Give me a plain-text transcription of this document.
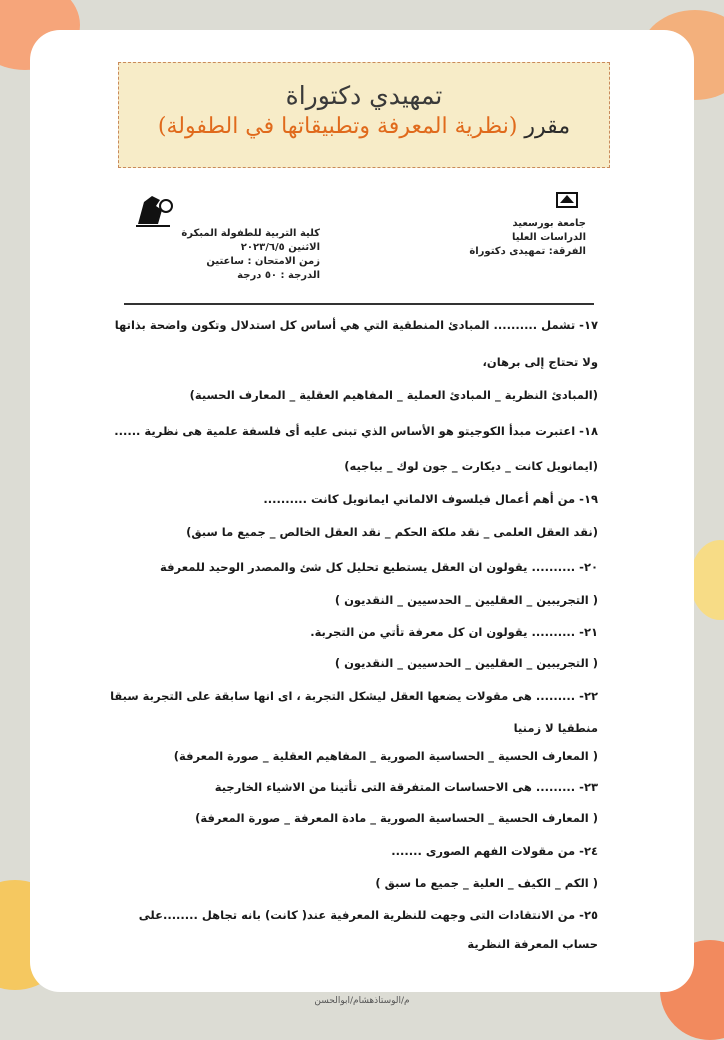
تمهيدي دكتوراة
مقرر (نظرية المعرفة وتطبيقاتها في الطفولة)
كلية التربية للطفولة المبكرة
الاثنين ٢٠٢٣/٦/٥
زمن الامتحان : ساعتين
الدرجة : ٥٠ درجة
جامعة بورسعيد
الدراسات العليا
الفرقة: تمهيدى دكتوراة
١٧- تشمل .......... المبادئ المنطقية التي هي أساس كل استدلال وتكون واضحة بذاتها
ولا تحتاج إلى برهان،
(المبادئ النظرية _ المبادئ العملية _ المفاهيم العقلية _ المعارف الحسية)
١٨- اعتبرت مبدأ الكوجيتو هو الأساس الذي تبنى عليه أى فلسفة علمية هى نظرية ......
(ايمانويل كانت _ ديكارت _ جون لوك _ بياجيه)
١٩- من أهم أعمال فيلسوف الالماني ايمانويل كانت ..........
(نقد العقل العلمى _ نقد ملكة الحكم _ نقد العقل الخالص _ جميع ما سبق)
٢٠- .......... يقولون ان العقل يستطيع تحليل كل شئ والمصدر الوحيد للمعرفة
( التجريبين _ العقليين _ الحدسيين _ النقديون )
٢١- .......... يقولون ان كل معرفة تأتي من التجربة.
( التجريبين _ العقليين _ الحدسيين _ النقديون )
٢٢- ......... هى مقولات يضعها العقل ليشكل التجربة ، اى انها سابقة على التجربة سبقا
منطقيا لا زمنيا
( المعارف الحسية _ الحساسية الصورية _ المفاهيم العقلية _ صورة المعرفة)
٢٣- ......... هى الاحساسات المتفرقة التى تأتينا من الاشياء الخارجية
( المعارف الحسية _ الحساسية الصورية _ مادة المعرفة _ صورة المعرفة)
٢٤- من مقولات الفهم الصورى .......
( الكم _ الكيف _ العلية _ جميع ما سبق )
٢٥- من الانتقادات التى وجهت للنظرية المعرفية عند( كانت) بانه تجاهل ........على
حساب المعرفة النظرية
م/الوستاذهشام/ابوالحسن
